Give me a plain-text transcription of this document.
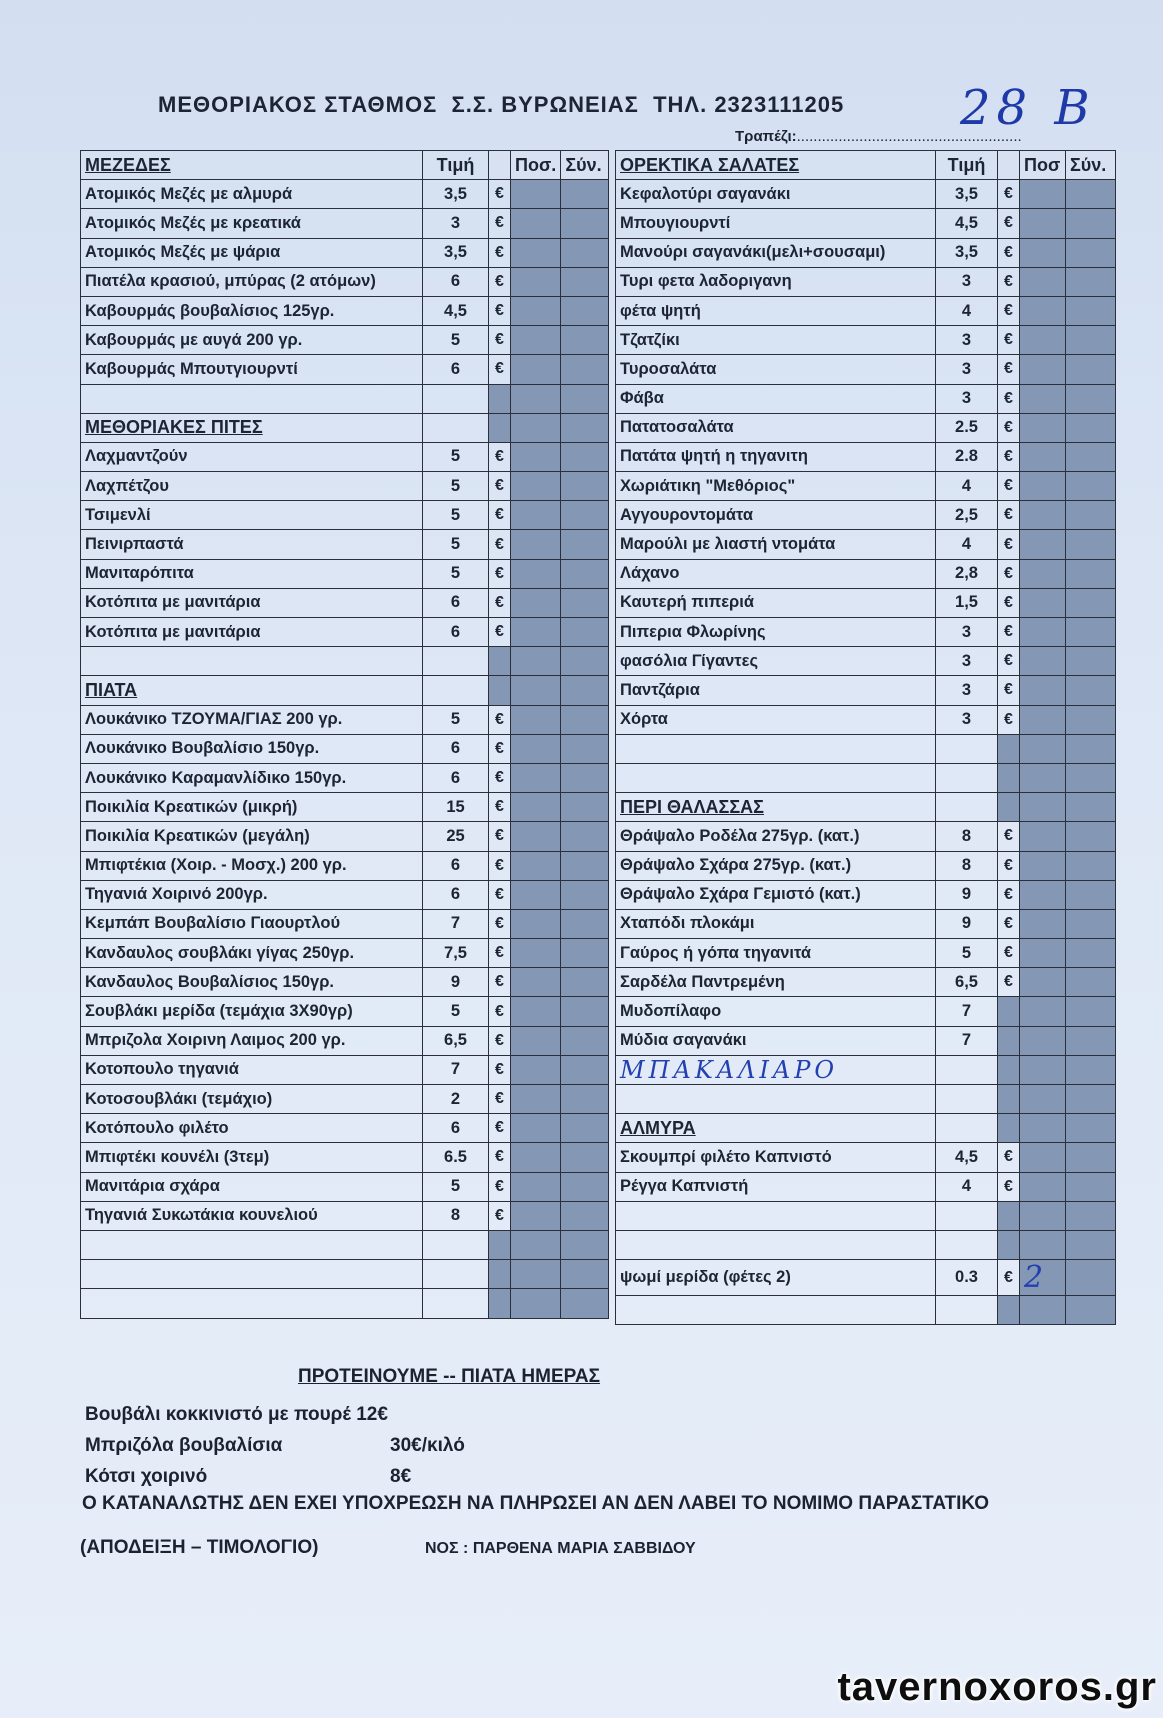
ΜΕΘΟΡΙΑΚΟΣ ΣΤΑΘΜΟΣ  Σ.Σ. ΒΥΡΩΝΕΙΑΣ  ΤΗΛ. 2323111205 28 Β
Τραπέζι:......................................................
ΜΕΖΕΔΕΣ	Τιμή		Ποσ.	Σύν.
Ατομικός Μεζές με αλμυρά	3,5	€		
Ατομικός Μεζές με κρεατικά	3	€		
Ατομικός Μεζές με ψάρια	3,5	€		
Πιατέλα κρασιού, μπύρας (2 ατόμων)	6	€		
Καβουρμάς βουβαλίσιος 125γρ.	4,5	€		
Καβουρμάς με αυγά 200 γρ.	5	€		
Καβουρμάς Μπουτγιουρντί	6	€		

ΜΕΘΟΡΙΑΚΕΣ ΠΙΤΕΣ				
Λαχμαντζούν	5	€		
Λαχπέτζου	5	€		
Τσιμενλί	5	€		
Πεινιρπαστά	5	€		
Μανιταρόπιτα	5	€		
Κοτόπιτα με μανιτάρια	6	€		
Κοτόπιτα με μανιτάρια	6	€		

ΠΙΑΤΑ				
Λουκάνικο ΤΖΟΥΜΑ/ΓΙΑΣ 200 γρ.	5	€		
Λουκάνικο Βουβαλίσιο 150γρ.	6	€		
Λουκάνικο Καραμανλίδικο 150γρ.	6	€		
Ποικιλία Κρεατικών (μικρή)	15	€		
Ποικιλία Κρεατικών (μεγάλη)	25	€		
Μπιφτέκια (Χοιρ. - Μοσχ.) 200 γρ.	6	€		
Τηγανιά Χοιρινό 200γρ.	6	€		
Κεμπάπ Βουβαλίσιο Γιαουρτλού	7	€		
Κανδαυλος σουβλάκι γίγας 250γρ.	7,5	€		
Κανδαυλος Βουβαλίσιος 150γρ.	9	€		
Σουβλάκι μερίδα (τεμάχια 3Χ90γρ)	5	€		
Μπριζολα Χοιρινη Λαιμος 200 γρ.	6,5	€		
Κοτοπουλο τηγανιά	7	€		
Κοτοσουβλάκι (τεμάχιο)	2	€		
Κοτόπουλο φιλέτο	6	€		
Μπιφτέκι κουνέλι (3τεμ)	6.5	€		
Μανιτάρια σχάρα	5	€		
Τηγανιά Συκωτάκια κουνελιού	8	€		

ΟΡΕΚΤΙΚΑ ΣΑΛΑΤΕΣ	Τιμή		Ποσ	Σύν.
Κεφαλοτύρι σαγανάκι	3,5	€		
Μπουγιουρντί	4,5	€		
Μανούρι σαγανάκι(μελι+σουσαμι)	3,5	€		
Τυρι φετα λαδοριγανη	3	€		
φέτα ψητή	4	€		
Τζατζίκι	3	€		
Τυροσαλάτα	3	€		
Φάβα	3	€		
Πατατοσαλάτα	2.5	€		
Πατάτα ψητή η τηγανιτη	2.8	€		
Χωριάτικη "Μεθόριος"	4	€		
Αγγουροντομάτα	2,5	€		
Μαρούλι με λιαστή ντομάτα	4	€		
Λάχανο	2,8	€		
Καυτερή πιπεριά	1,5	€		
Πιπερια Φλωρίνης	3	€		
φασόλια Γίγαντες	3	€		
Παντζάρια	3	€		
Χόρτα	3	€		

ΠΕΡΙ ΘΑΛΑΣΣΑΣ				
Θράψαλο Ροδέλα 275γρ. (κατ.)	8	€		
Θράψαλο Σχάρα 275γρ. (κατ.)	8	€		
Θράψαλο Σχάρα Γεμιστό (κατ.)	9	€		
Χταπόδι πλοκάμι	9	€		
Γαύρος ή γόπα τηγανιτά	5	€		
Σαρδέλα Παντρεμένη	6,5	€		
Μυδοπίλαφο	7			
Μύδια σαγανάκι	7			
ΜΠΑΚΑΛΙΑΡΟ				

ΑΛΜΥΡΑ				
Σκουμπρί φιλέτο Καπνιστό	4,5	€		
Ρέγγα Καπνιστή	4	€		

ψωμί μερίδα (φέτες 2)	0.3	€	2	

ΠΡΟΤΕΙΝΟΥΜΕ -- ΠΙΑΤΑ ΗΜΕΡΑΣ
Βουβάλι κοκκινιστό με πουρέ 12€
Μπριζόλα βουβαλίσια	30€/κιλό
Κότσι χοιρινό	8€
Ο ΚΑΤΑΝΑΛΩΤΗΣ ΔΕΝ ΕΧΕΙ ΥΠΟΧΡΕΩΣΗ ΝΑ ΠΛΗΡΩΣΕΙ ΑΝ ΔΕΝ ΛΑΒΕΙ ΤΟ ΝΟΜΙΜΟ ΠΑΡΑΣΤΑΤΙΚΟ
(ΑΠΟΔΕΙΞΗ – ΤΙΜΟΛΟΓΙΟ)	ΝΟΣ : ΠΑΡΘΕΝΑ ΜΑΡΙΑ ΣΑΒΒΙΔΟΥ
tavernoxoros.gr
